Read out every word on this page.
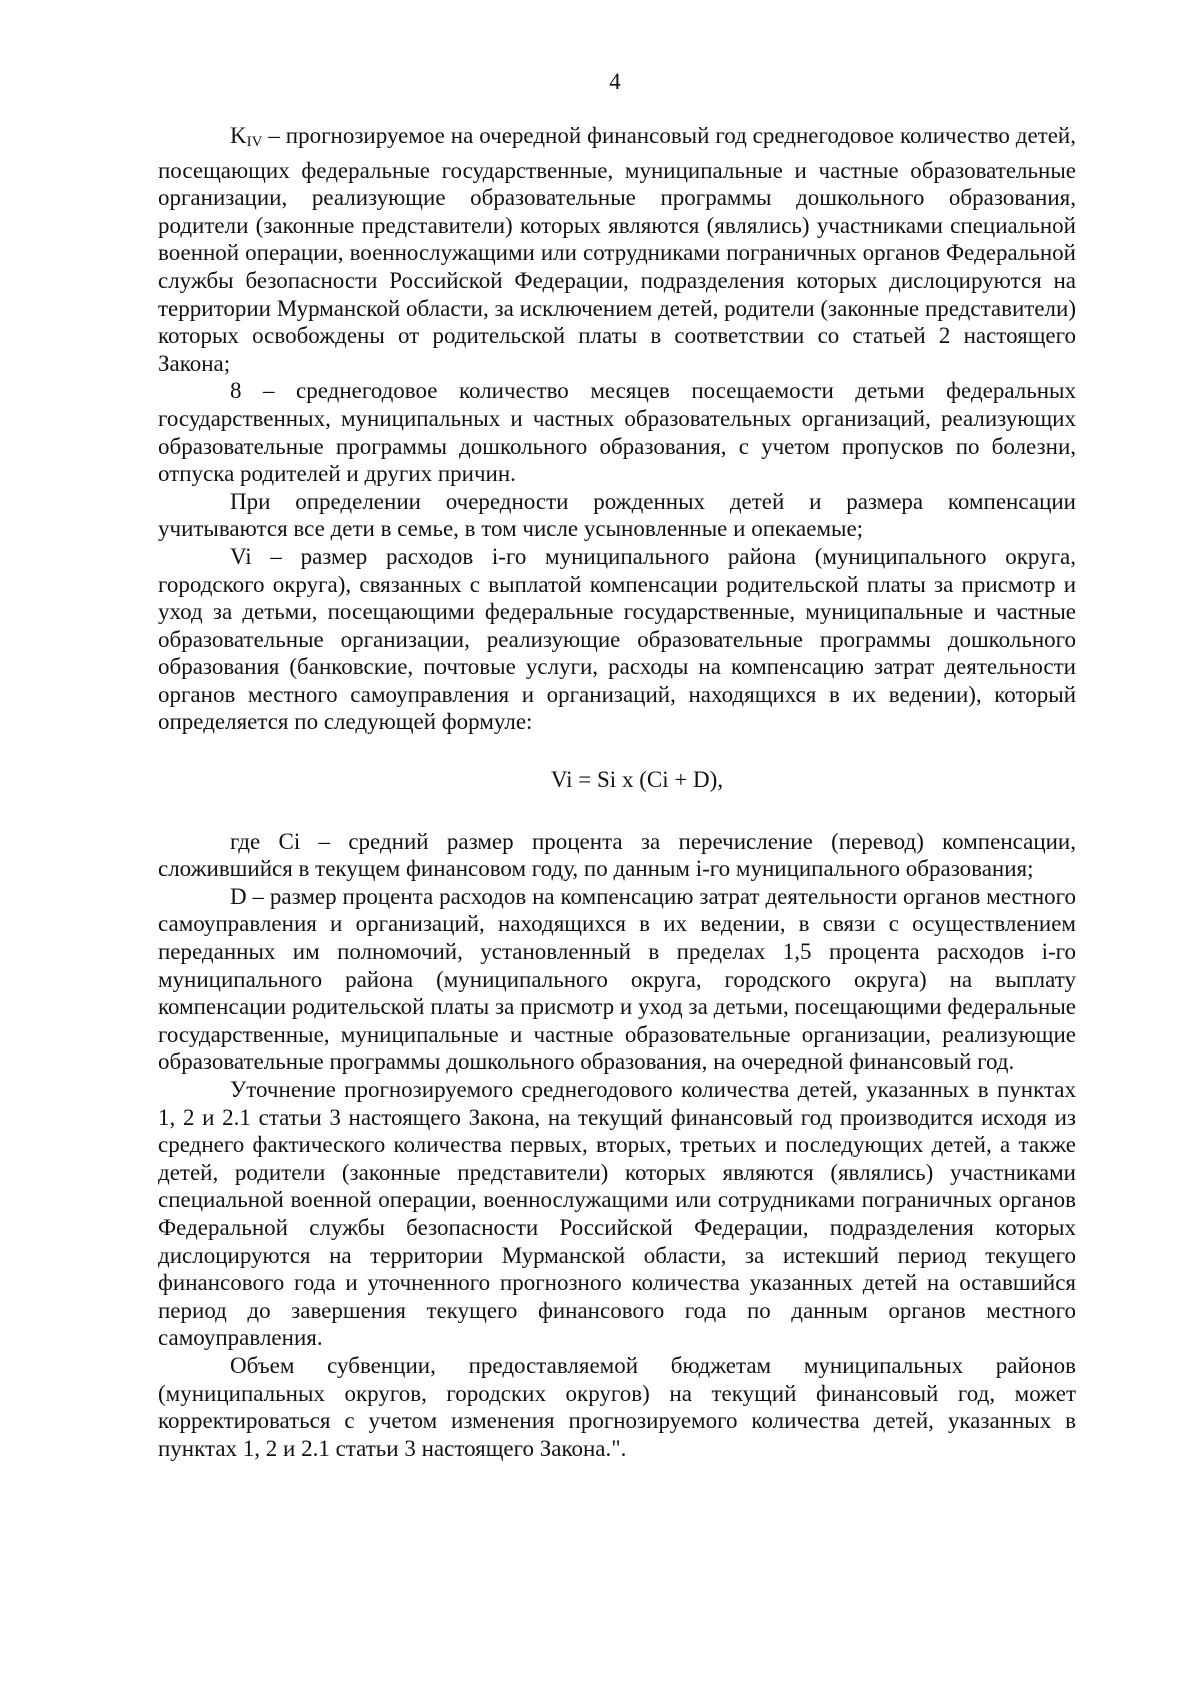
4

$K_{IV}$ – прогнозируемое на очередной финансовый год среднегодовое количество детей, посещающих федеральные государственные, муниципальные и частные образовательные организации, реализующие образовательные программы дошкольного образования, родители (законные представители) которых являются (являлись) участниками специальной военной операции, военнослужащими или сотрудниками пограничных органов Федеральной службы безопасности Российской Федерации, подразделения которых дислоцируются на территории Мурманской области, за исключением детей, родители (законные представители) которых освобождены от родительской платы в соответствии со статьей 2 настоящего Закона;

8 – среднегодовое количество месяцев посещаемости детьми федеральных государственных, муниципальных и частных образовательных организаций, реализующих образовательные программы дошкольного образования, с учетом пропусков по болезни, отпуска родителей и других причин.

При определении очередности рожденных детей и размера компенсации учитываются все дети в семье, в том числе усыновленные и опекаемые;

Vi – размер расходов i-го муниципального района (муниципального округа, городского округа), связанных с выплатой компенсации родительской платы за присмотр и уход за детьми, посещающими федеральные государственные, муниципальные и частные образовательные организации, реализующие образовательные программы дошкольного образования (банковские, почтовые услуги, расходы на компенсацию затрат деятельности органов местного самоуправления и организаций, находящихся в их ведении), который определяется по следующей формуле:

Vi = Si x (Ci + D),

где Ci – средний размер процента за перечисление (перевод) компенсации, сложившийся в текущем финансовом году, по данным i-го муниципального образования;

D – размер процента расходов на компенсацию затрат деятельности органов местного самоуправления и организаций, находящихся в их ведении, в связи с осуществлением переданных им полномочий, установленный в пределах 1,5 процента расходов i-го муниципального района (муниципального округа, городского округа) на выплату компенсации родительской платы за присмотр и уход за детьми, посещающими федеральные государственные, муниципальные и частные образовательные организации, реализующие образовательные программы дошкольного образования, на очередной финансовый год.

Уточнение прогнозируемого среднегодового количества детей, указанных в пунктах 1, 2 и 2.1 статьи 3 настоящего Закона, на текущий финансовый год производится исходя из среднего фактического количества первых, вторых, третьих и последующих детей, а также детей, родители (законные представители) которых являются (являлись) участниками специальной военной операции, военнослужащими или сотрудниками пограничных органов Федеральной службы безопасности Российской Федерации, подразделения которых дислоцируются на территории Мурманской области, за истекший период текущего финансового года и уточненного прогнозного количества указанных детей на оставшийся период до завершения текущего финансового года по данным органов местного самоуправления.

Объем субвенции, предоставляемой бюджетам муниципальных районов (муниципальных округов, городских округов) на текущий финансовый год, может корректироваться с учетом изменения прогнозируемого количества детей, указанных в пунктах 1, 2 и 2.1 статьи 3 настоящего Закона.".
